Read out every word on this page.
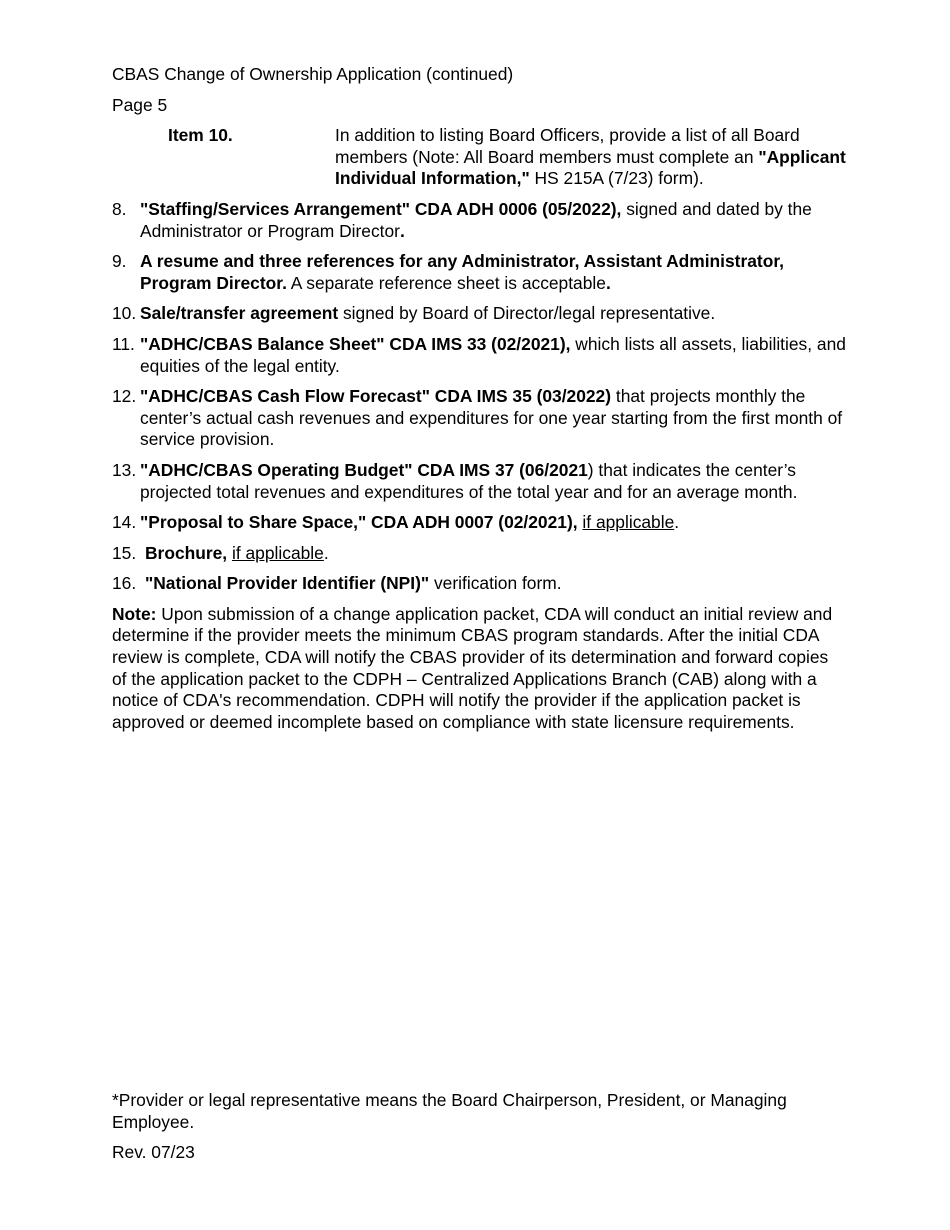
CBAS Change of Ownership Application (continued)
Page 5
Item 10.	In addition to listing Board Officers, provide a list of all Board members (Note: All Board members must complete an "Applicant Individual Information," HS 215A (7/23) form).
8. "Staffing/Services Arrangement" CDA ADH 0006 (05/2022), signed and dated by the Administrator or Program Director.
9. A resume and three references for any Administrator, Assistant Administrator, Program Director. A separate reference sheet is acceptable.
10. Sale/transfer agreement signed by Board of Director/legal representative.
11. "ADHC/CBAS Balance Sheet" CDA IMS 33 (02/2021), which lists all assets, liabilities, and equities of the legal entity.
12. "ADHC/CBAS Cash Flow Forecast" CDA IMS 35 (03/2022) that projects monthly the center’s actual cash revenues and expenditures for one year starting from the first month of service provision.
13. "ADHC/CBAS Operating Budget" CDA IMS 37 (06/2021) that indicates the center’s projected total revenues and expenditures of the total year and for an average month.
14. "Proposal to Share Space," CDA ADH 0007 (02/2021), if applicable.
15. Brochure, if applicable.
16. "National Provider Identifier (NPI)" verification form.

Note: Upon submission of a change application packet, CDA will conduct an initial review and determine if the provider meets the minimum CBAS program standards. After the initial CDA review is complete, CDA will notify the CBAS provider of its determination and forward copies of the application packet to the CDPH – Centralized Applications Branch (CAB) along with a notice of CDA's recommendation. CDPH will notify the provider if the application packet is approved or deemed incomplete based on compliance with state licensure requirements.

*Provider or legal representative means the Board Chairperson, President, or Managing Employee.
Rev. 07/23
